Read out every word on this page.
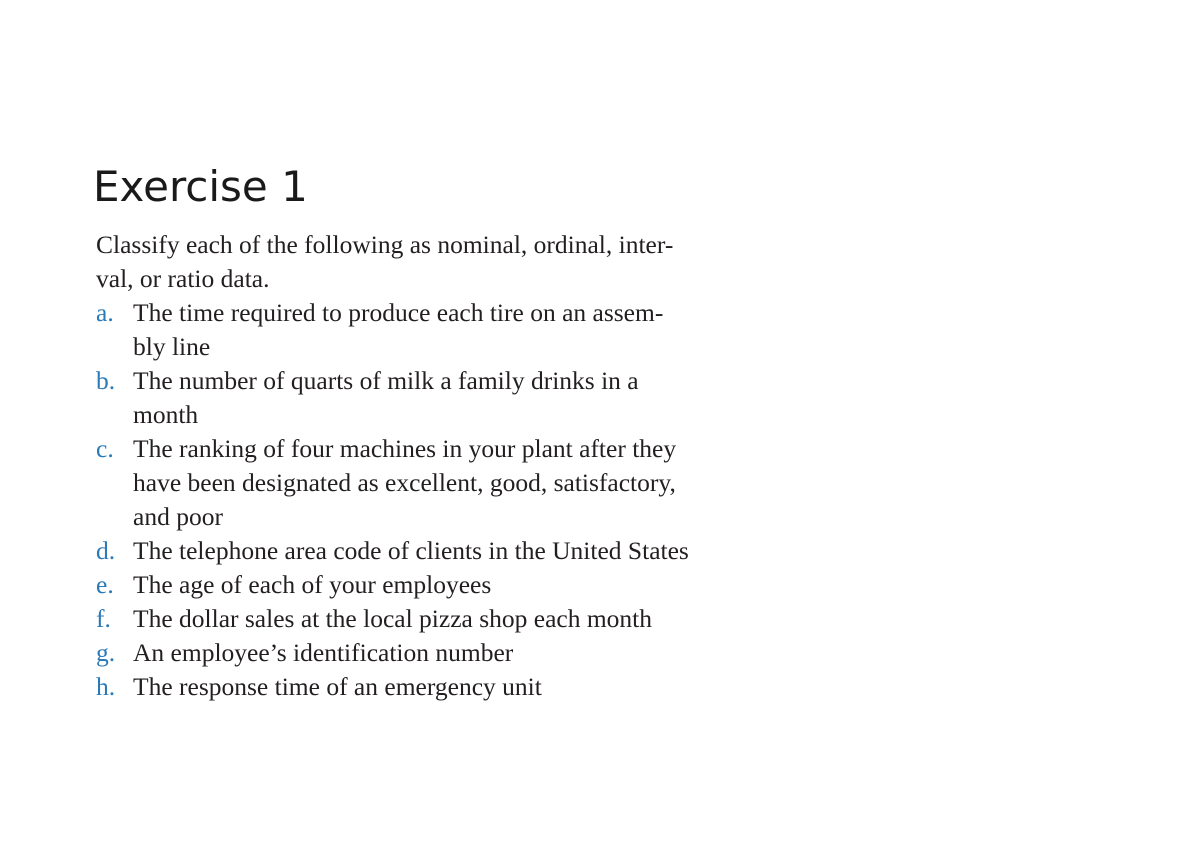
Exercise 1

Classify each of the following as nominal, ordinal, inter-
val, or ratio data.

a. The time required to produce each tire on an assem-
bly line
b. The number of quarts of milk a family drinks in a
month
c. The ranking of four machines in your plant after they
have been designated as excellent, good, satisfactory,
and poor
d. The telephone area code of clients in the United States
e. The age of each of your employees
f. The dollar sales at the local pizza shop each month
g. An employee’s identification number
h. The response time of an emergency unit
